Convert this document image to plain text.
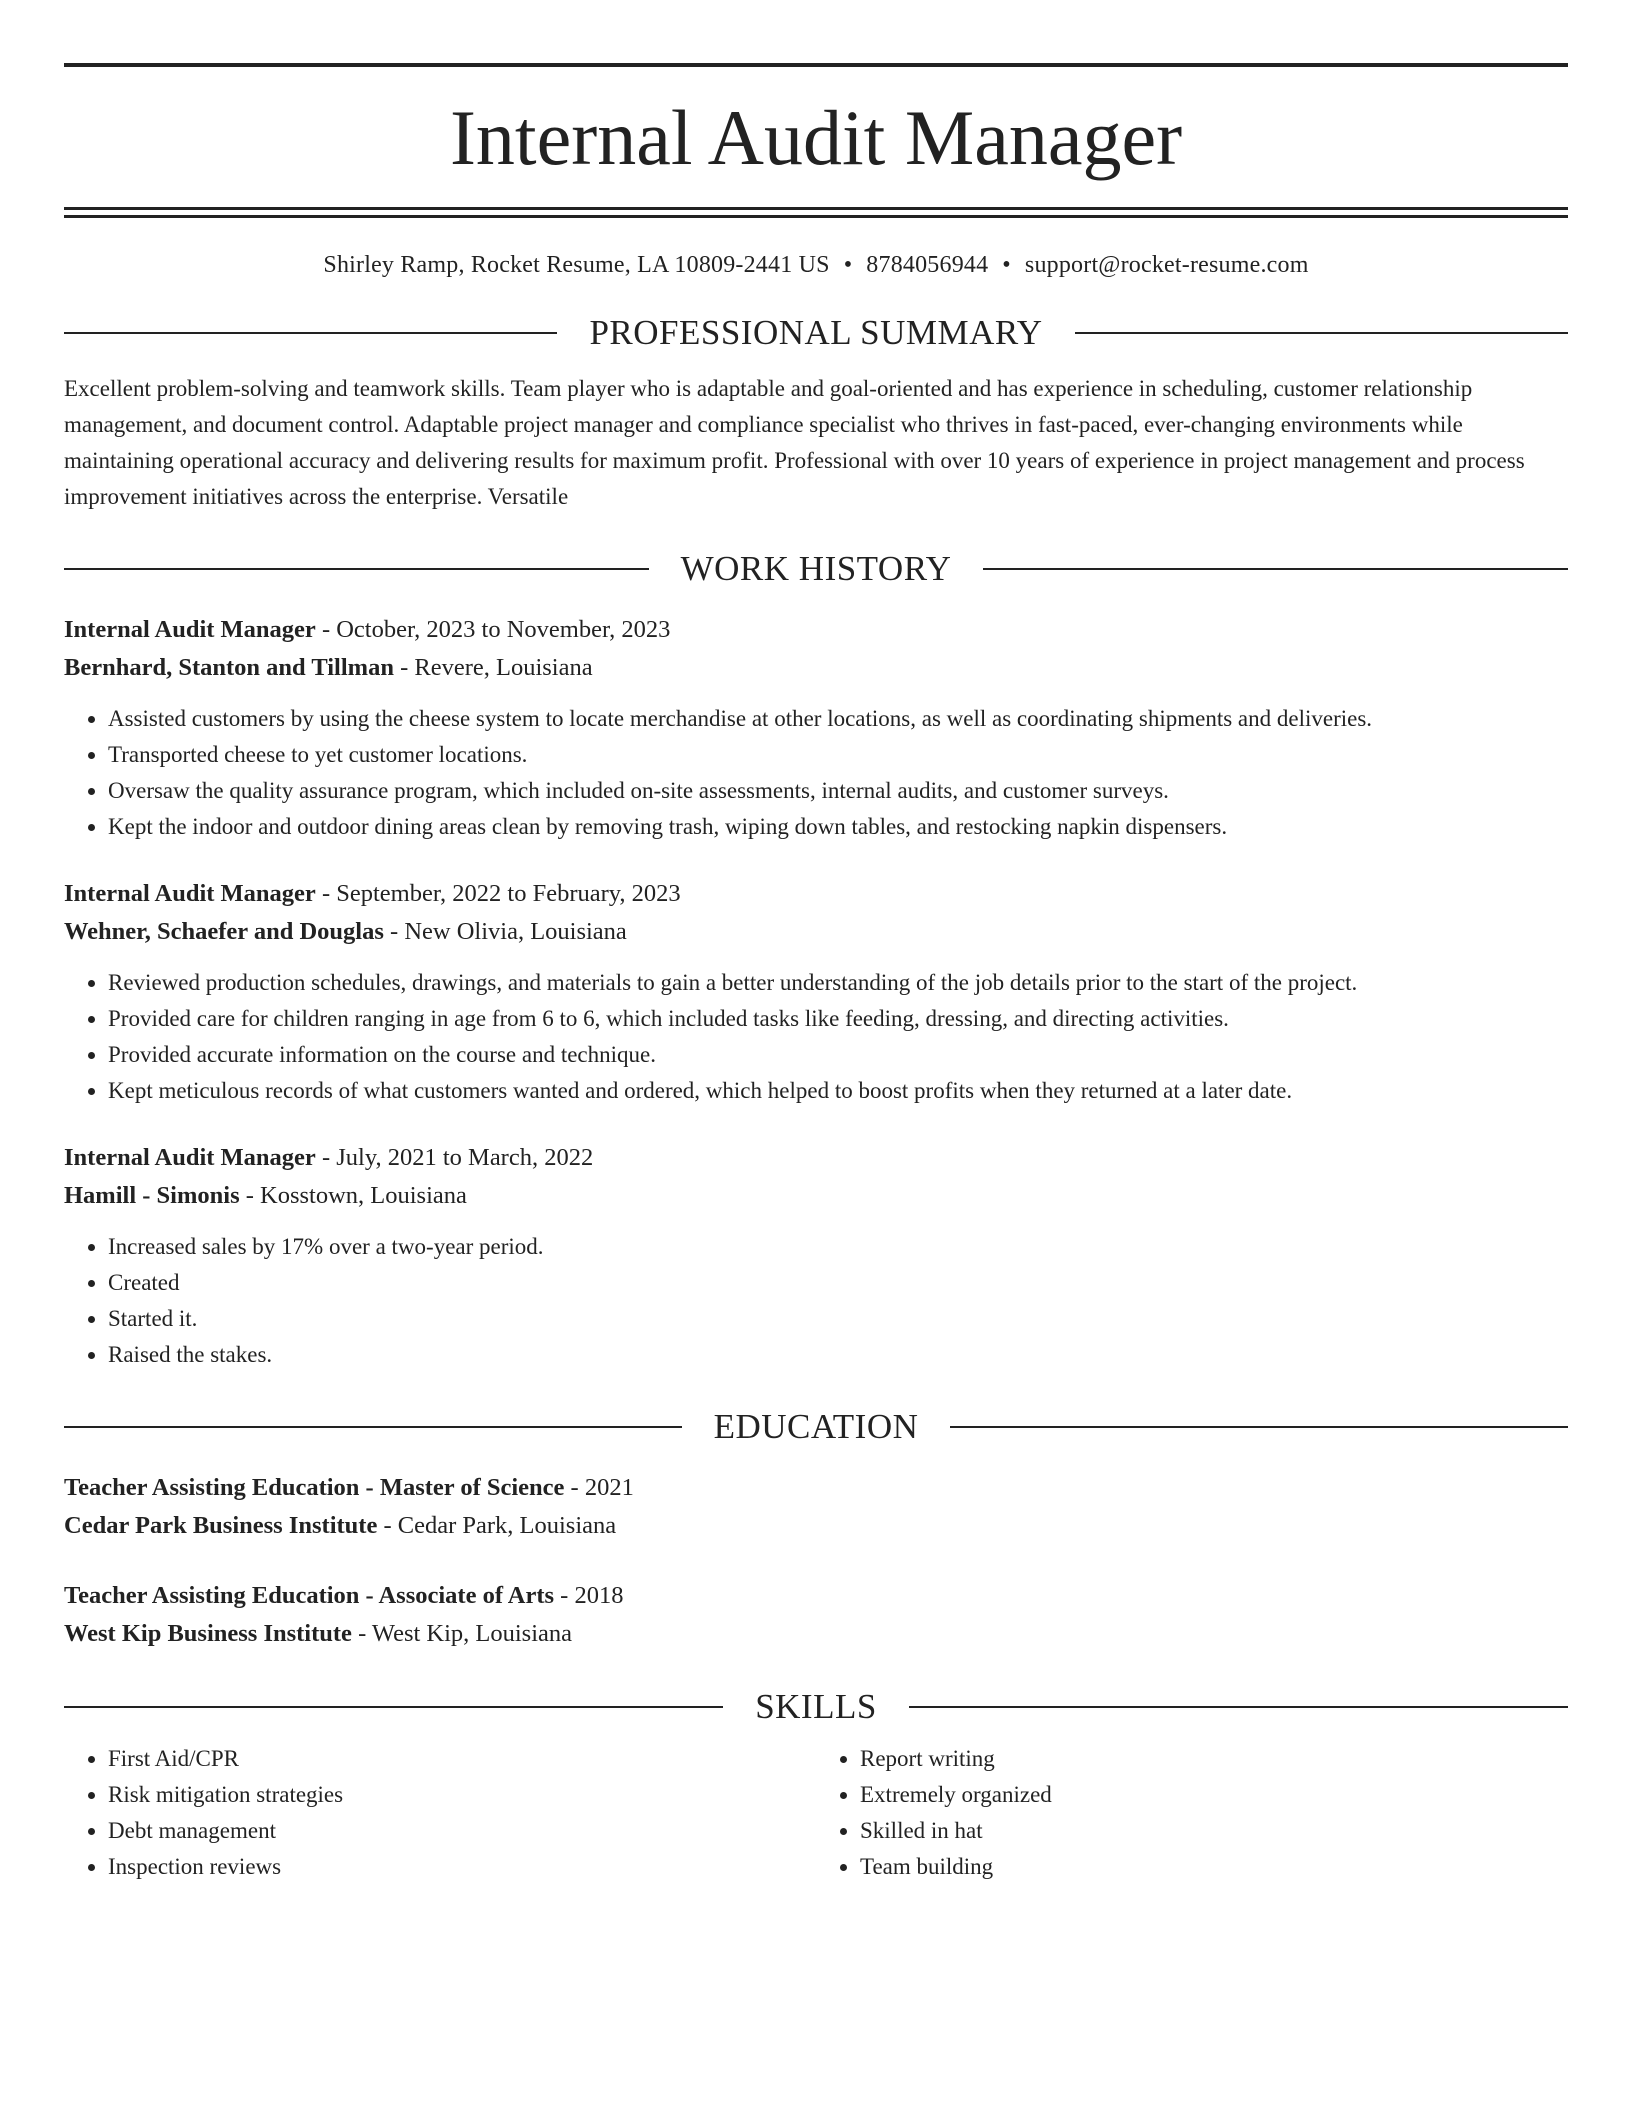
Internal Audit Manager
Shirley Ramp, Rocket Resume, LA 10809-2441 US • 8784056944 • support@rocket-resume.com
PROFESSIONAL SUMMARY
Excellent problem-solving and teamwork skills. Team player who is adaptable and goal-oriented and has experience in scheduling, customer relationship management, and document control. Adaptable project manager and compliance specialist who thrives in fast-paced, ever-changing environments while maintaining operational accuracy and delivering results for maximum profit. Professional with over 10 years of experience in project management and process improvement initiatives across the enterprise. Versatile
WORK HISTORY
Internal Audit Manager - October, 2023 to November, 2023
Bernhard, Stanton and Tillman - Revere, Louisiana
• Assisted customers by using the cheese system to locate merchandise at other locations, as well as coordinating shipments and deliveries.
• Transported cheese to yet customer locations.
• Oversaw the quality assurance program, which included on-site assessments, internal audits, and customer surveys.
• Kept the indoor and outdoor dining areas clean by removing trash, wiping down tables, and restocking napkin dispensers.
Internal Audit Manager - September, 2022 to February, 2023
Wehner, Schaefer and Douglas - New Olivia, Louisiana
• Reviewed production schedules, drawings, and materials to gain a better understanding of the job details prior to the start of the project.
• Provided care for children ranging in age from 6 to 6, which included tasks like feeding, dressing, and directing activities.
• Provided accurate information on the course and technique.
• Kept meticulous records of what customers wanted and ordered, which helped to boost profits when they returned at a later date.
Internal Audit Manager - July, 2021 to March, 2022
Hamill - Simonis - Kosstown, Louisiana
• Increased sales by 17% over a two-year period.
• Created
• Started it.
• Raised the stakes.
EDUCATION
Teacher Assisting Education - Master of Science - 2021
Cedar Park Business Institute - Cedar Park, Louisiana
Teacher Assisting Education - Associate of Arts - 2018
West Kip Business Institute - West Kip, Louisiana
SKILLS
• First Aid/CPR
• Risk mitigation strategies
• Debt management
• Inspection reviews
• Report writing
• Extremely organized
• Skilled in hat
• Team building
